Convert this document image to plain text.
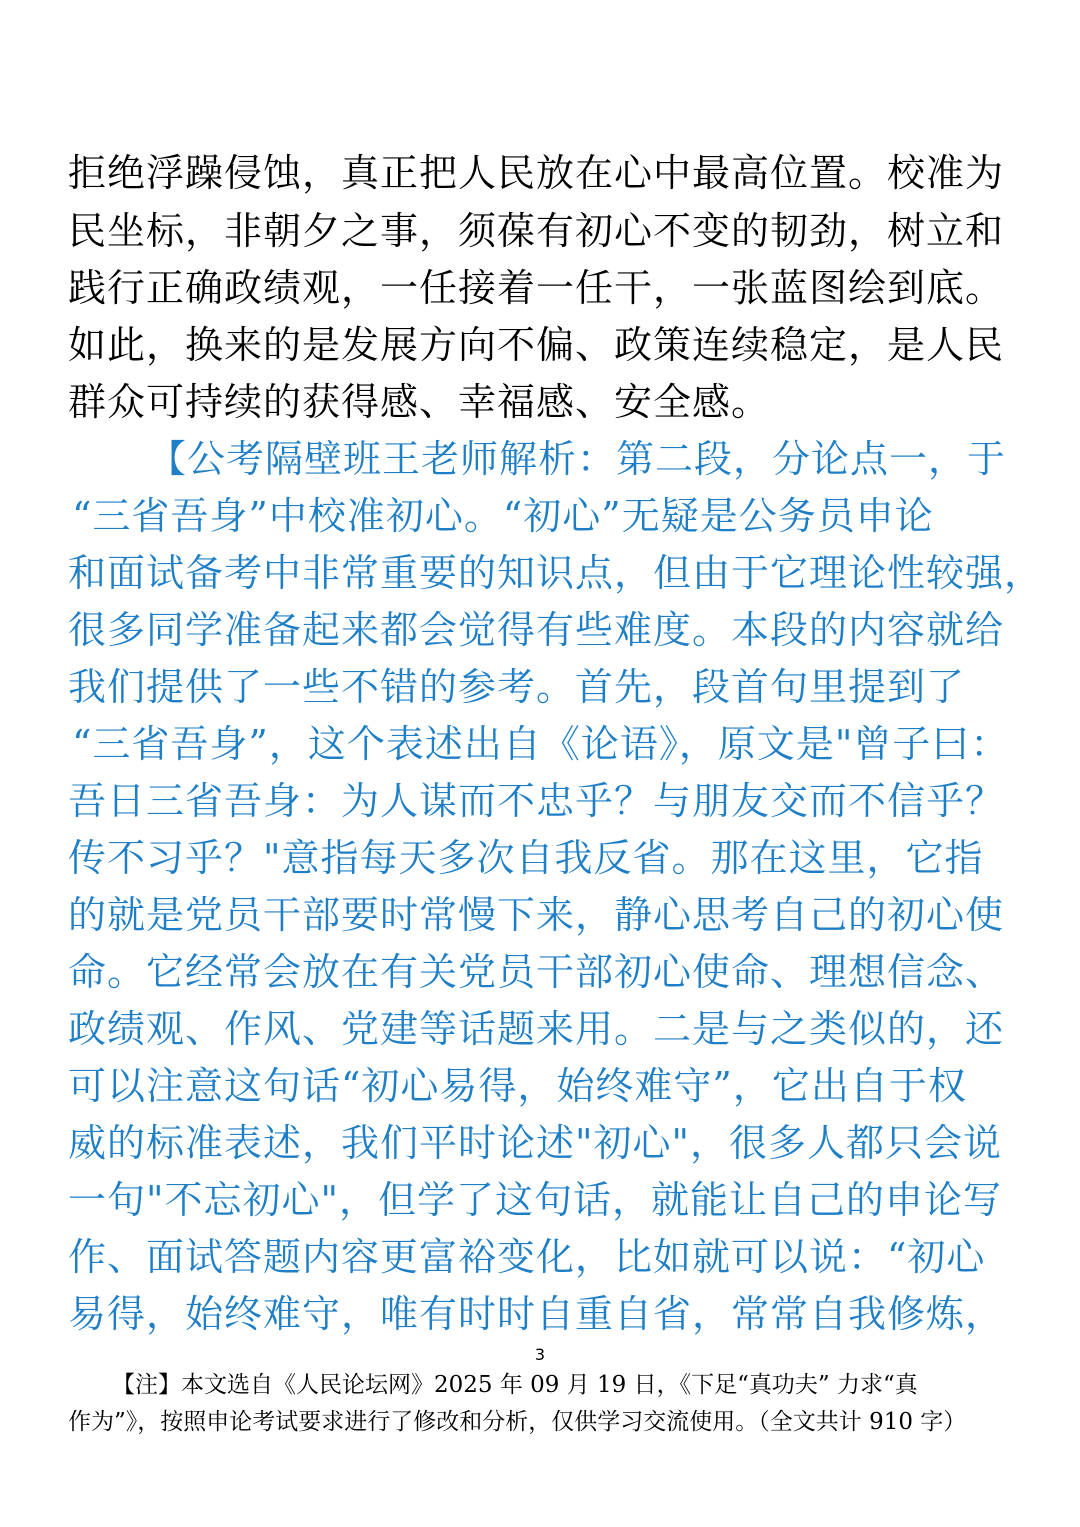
拒绝浮躁侵蚀，真正把人民放在心中最高位置。校准为
民坐标，非朝夕之事，须葆有初心不变的韧劲，树立和
践行正确政绩观，一任接着一任干，一张蓝图绘到底。
如此，换来的是发展方向不偏、政策连续稳定，是人民
群众可持续的获得感、幸福感、安全感。
【公考隔壁班王老师解析：第二段，分论点一，于
“三省吾身”中校准初心。“初心”无疑是公务员申论
和面试备考中非常重要的知识点，但由于它理论性较强，
很多同学准备起来都会觉得有些难度。本段的内容就给
我们提供了一些不错的参考。首先，段首句里提到了
“三省吾身”，这个表述出自《论语》，原文是"曾子曰：
吾日三省吾身：为人谋而不忠乎？与朋友交而不信乎？
传不习乎？"意指每天多次自我反省。那在这里，它指
的就是党员干部要时常慢下来，静心思考自己的初心使
命。它经常会放在有关党员干部初心使命、理想信念、
政绩观、作风、党建等话题来用。二是与之类似的，还
可以注意这句话“初心易得，始终难守”，它出自于权
威的标准表述，我们平时论述"初心"，很多人都只会说
一句"不忘初心"，但学了这句话，就能让自己的申论写
作、面试答题内容更富裕变化，比如就可以说：“初心
易得，始终难守，唯有时时自重自省，常常自我修炼，
3
【注】本文选自《人民论坛网》2025 年 09 月 19 日，《下足“真功夫” 力求“真
作为”》，按照申论考试要求进行了修改和分析，仅供学习交流使用。（全文共计 910 字）
